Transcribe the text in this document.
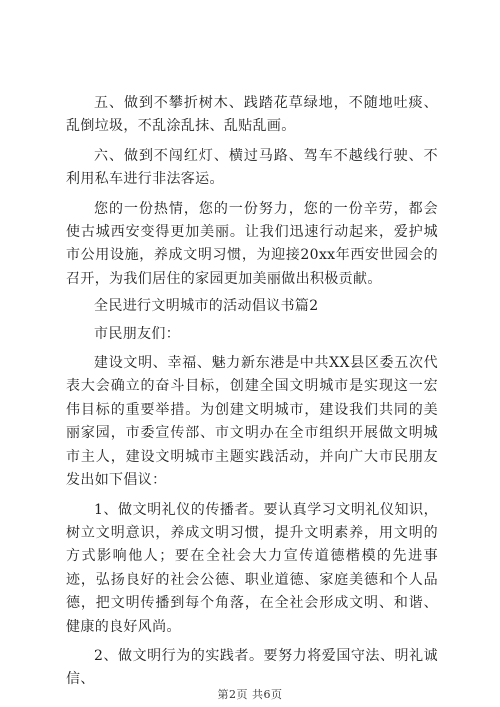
五、做到不攀折树木、践踏花草绿地，不随地吐痰、乱倒垃圾，不乱涂乱抹、乱贴乱画。

六、做到不闯红灯、横过马路、驾车不越线行驶、不利用私车进行非法客运。

您的一份热情，您的一份努力，您的一份辛劳，都会使古城西安变得更加美丽。让我们迅速行动起来，爱护城市公用设施，养成文明习惯，为迎接20xx年西安世园会的召开，为我们居住的家园更加美丽做出积极贡献。

全民进行文明城市的活动倡议书篇2

市民朋友们：

建设文明、幸福、魅力新东港是中共XX县区委五次代表大会确立的奋斗目标，创建全国文明城市是实现这一宏伟目标的重要举措。为创建文明城市，建设我们共同的美丽家园，市委宣传部、市文明办在全市组织开展做文明城市主人，建设文明城市主题实践活动，并向广大市民朋友发出如下倡议：

1、做文明礼仪的传播者。要认真学习文明礼仪知识，树立文明意识，养成文明习惯，提升文明素养，用文明的方式影响他人；要在全社会大力宣传道德楷模的先进事迹，弘扬良好的社会公德、职业道德、家庭美德和个人品德，把文明传播到每个角落，在全社会形成文明、和谐、健康的良好风尚。

2、做文明行为的实践者。要努力将爱国守法、明礼诚信、

第2页 共6页
